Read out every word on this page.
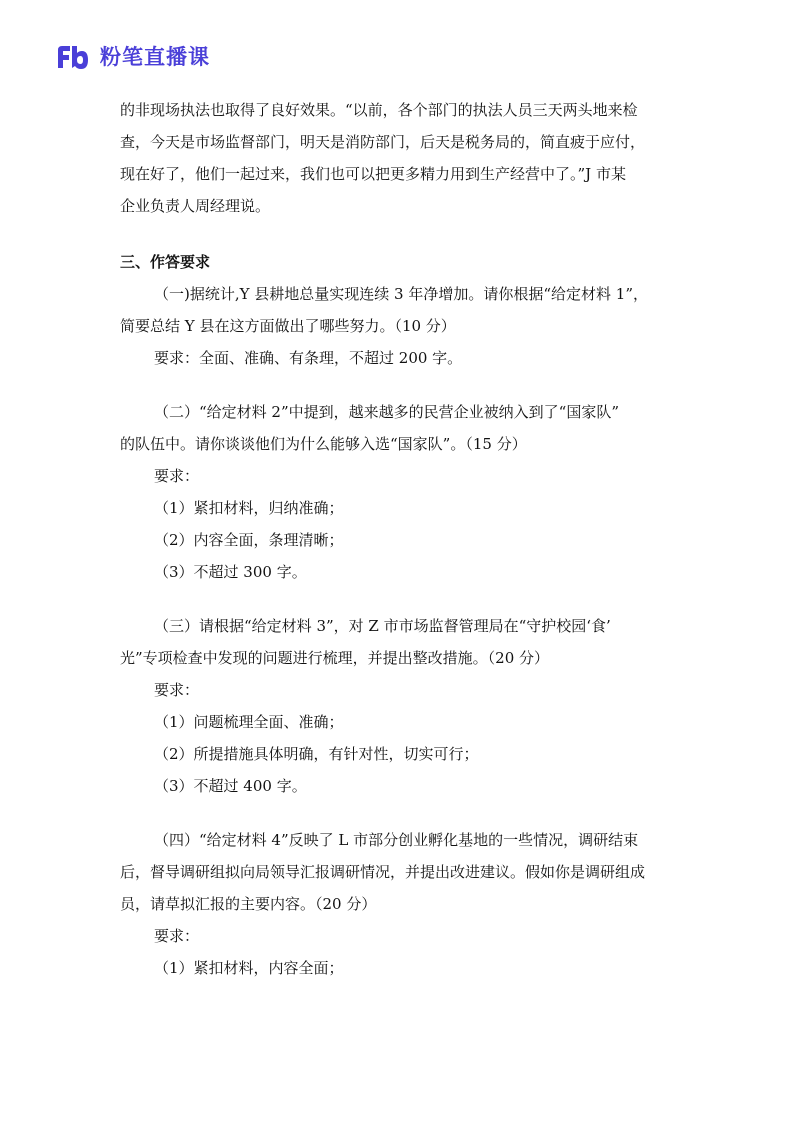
粉笔直播课
的非现场执法也取得了良好效果。“以前，各个部门的执法人员三天两头地来检
查，今天是市场监督部门，明天是消防部门，后天是税务局的，简直疲于应付，
现在好了，他们一起过来，我们也可以把更多精力用到生产经营中了。”J 市某
企业负责人周经理说。
三、作答要求
（一)据统计,Y 县耕地总量实现连续 3 年净增加。请你根据“给定材料 1”，
简要总结 Y 县在这方面做出了哪些努力。（10 分）
要求：全面、准确、有条理，不超过 200 字。
（二）“给定材料 2”中提到，越来越多的民营企业被纳入到了“国家队”
的队伍中。请你谈谈他们为什么能够入选“国家队”。（15 分）
要求：
（1）紧扣材料，归纳准确；
（2）内容全面，条理清晰；
（3）不超过 300 字。
（三）请根据“给定材料 3”，对 Z 市市场监督管理局在“守护校园‘食’
光”专项检查中发现的问题进行梳理，并提出整改措施。（20 分）
要求：
（1）问题梳理全面、准确；
（2）所提措施具体明确，有针对性，切实可行；
（3）不超过 400 字。
（四）“给定材料 4”反映了 L 市部分创业孵化基地的一些情况，调研结束
后，督导调研组拟向局领导汇报调研情况，并提出改进建议。假如你是调研组成
员，请草拟汇报的主要内容。（20 分）
要求：
（1）紧扣材料，内容全面；
